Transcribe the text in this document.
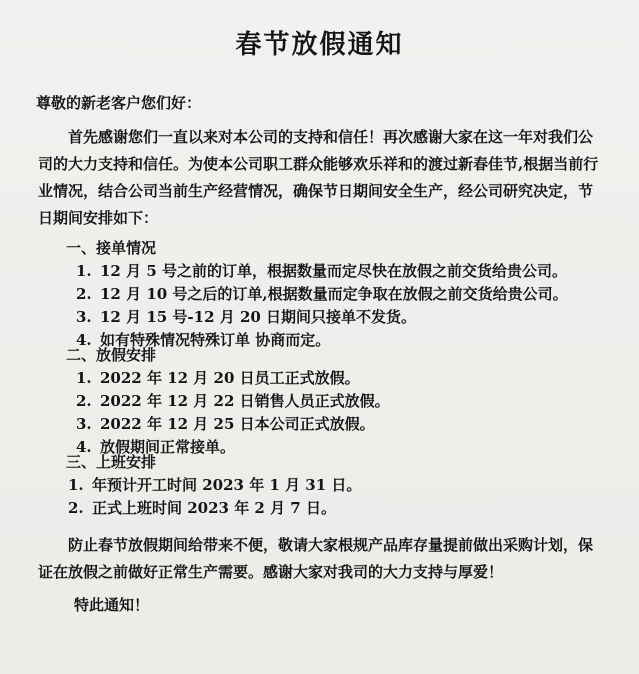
春节放假通知
尊敬的新老客户您们好：
首先感谢您们一直以来对本公司的支持和信任！再次感谢大家在这一年对我们公司的大力支持和信任。为使本公司职工群众能够欢乐祥和的渡过新春佳节,根据当前行业情况，结合公司当前生产经营情况，确保节日期间安全生产，经公司研究决定，节日期间安排如下：
一、接单情况
1. 12 月 5 号之前的订单，根据数量而定尽快在放假之前交货给贵公司。
2. 12 月 10 号之后的订单,根据数量而定争取在放假之前交货给贵公司。
3. 12 月 15 号-12 月 20 日期间只接单不发货。
4. 如有特殊情况特殊订单 协商而定。
二、放假安排
1. 2022 年 12 月 20 日员工正式放假。
2. 2022 年 12 月 22 日销售人员正式放假。
3. 2022 年 12 月 25 日本公司正式放假。
4. 放假期间正常接单。
三、上班安排
1. 年预计开工时间 2023 年 1 月 31 日。
2. 正式上班时间 2023 年 2 月 7 日。
防止春节放假期间给带来不便，敬请大家根规产品库存量提前做出采购计划，保证在放假之前做好正常生产需要。感谢大家对我司的大力支持与厚爱！
特此通知！
